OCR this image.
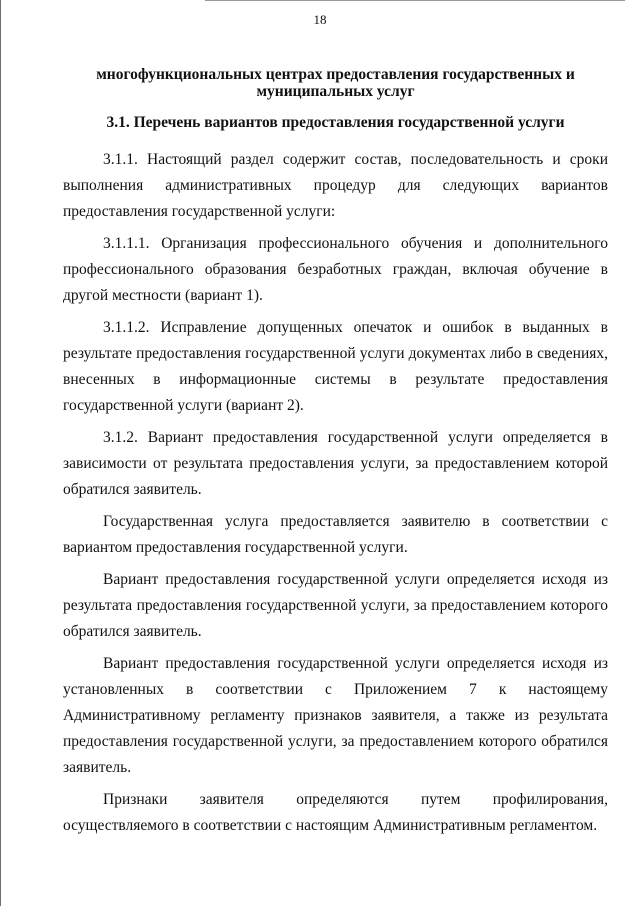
18

многофункциональных центрах предоставления государственных и муниципальных услуг

3.1. Перечень вариантов предоставления государственной услуги

3.1.1. Настоящий раздел содержит состав, последовательность и сроки выполнения административных процедур для следующих вариантов предоставления государственной услуги:

3.1.1.1. Организация профессионального обучения и дополнительного профессионального образования безработных граждан, включая обучение в другой местности (вариант 1).

3.1.1.2. Исправление допущенных опечаток и ошибок в выданных в результате предоставления государственной услуги документах либо в сведениях, внесенных в информационные системы в результате предоставления государственной услуги (вариант 2).

3.1.2. Вариант предоставления государственной услуги определяется в зависимости от результата предоставления услуги, за предоставлением которой обратился заявитель.

Государственная услуга предоставляется заявителю в соответствии с вариантом предоставления государственной услуги.

Вариант предоставления государственной услуги определяется исходя из результата предоставления государственной услуги, за предоставлением которого обратился заявитель.

Вариант предоставления государственной услуги определяется исходя из установленных в соответствии с Приложением 7 к настоящему Административному регламенту признаков заявителя, а также из результата предоставления государственной услуги, за предоставлением которого обратился заявитель.

Признаки заявителя определяются путем профилирования, осуществляемого в соответствии с настоящим Административным регламентом.
